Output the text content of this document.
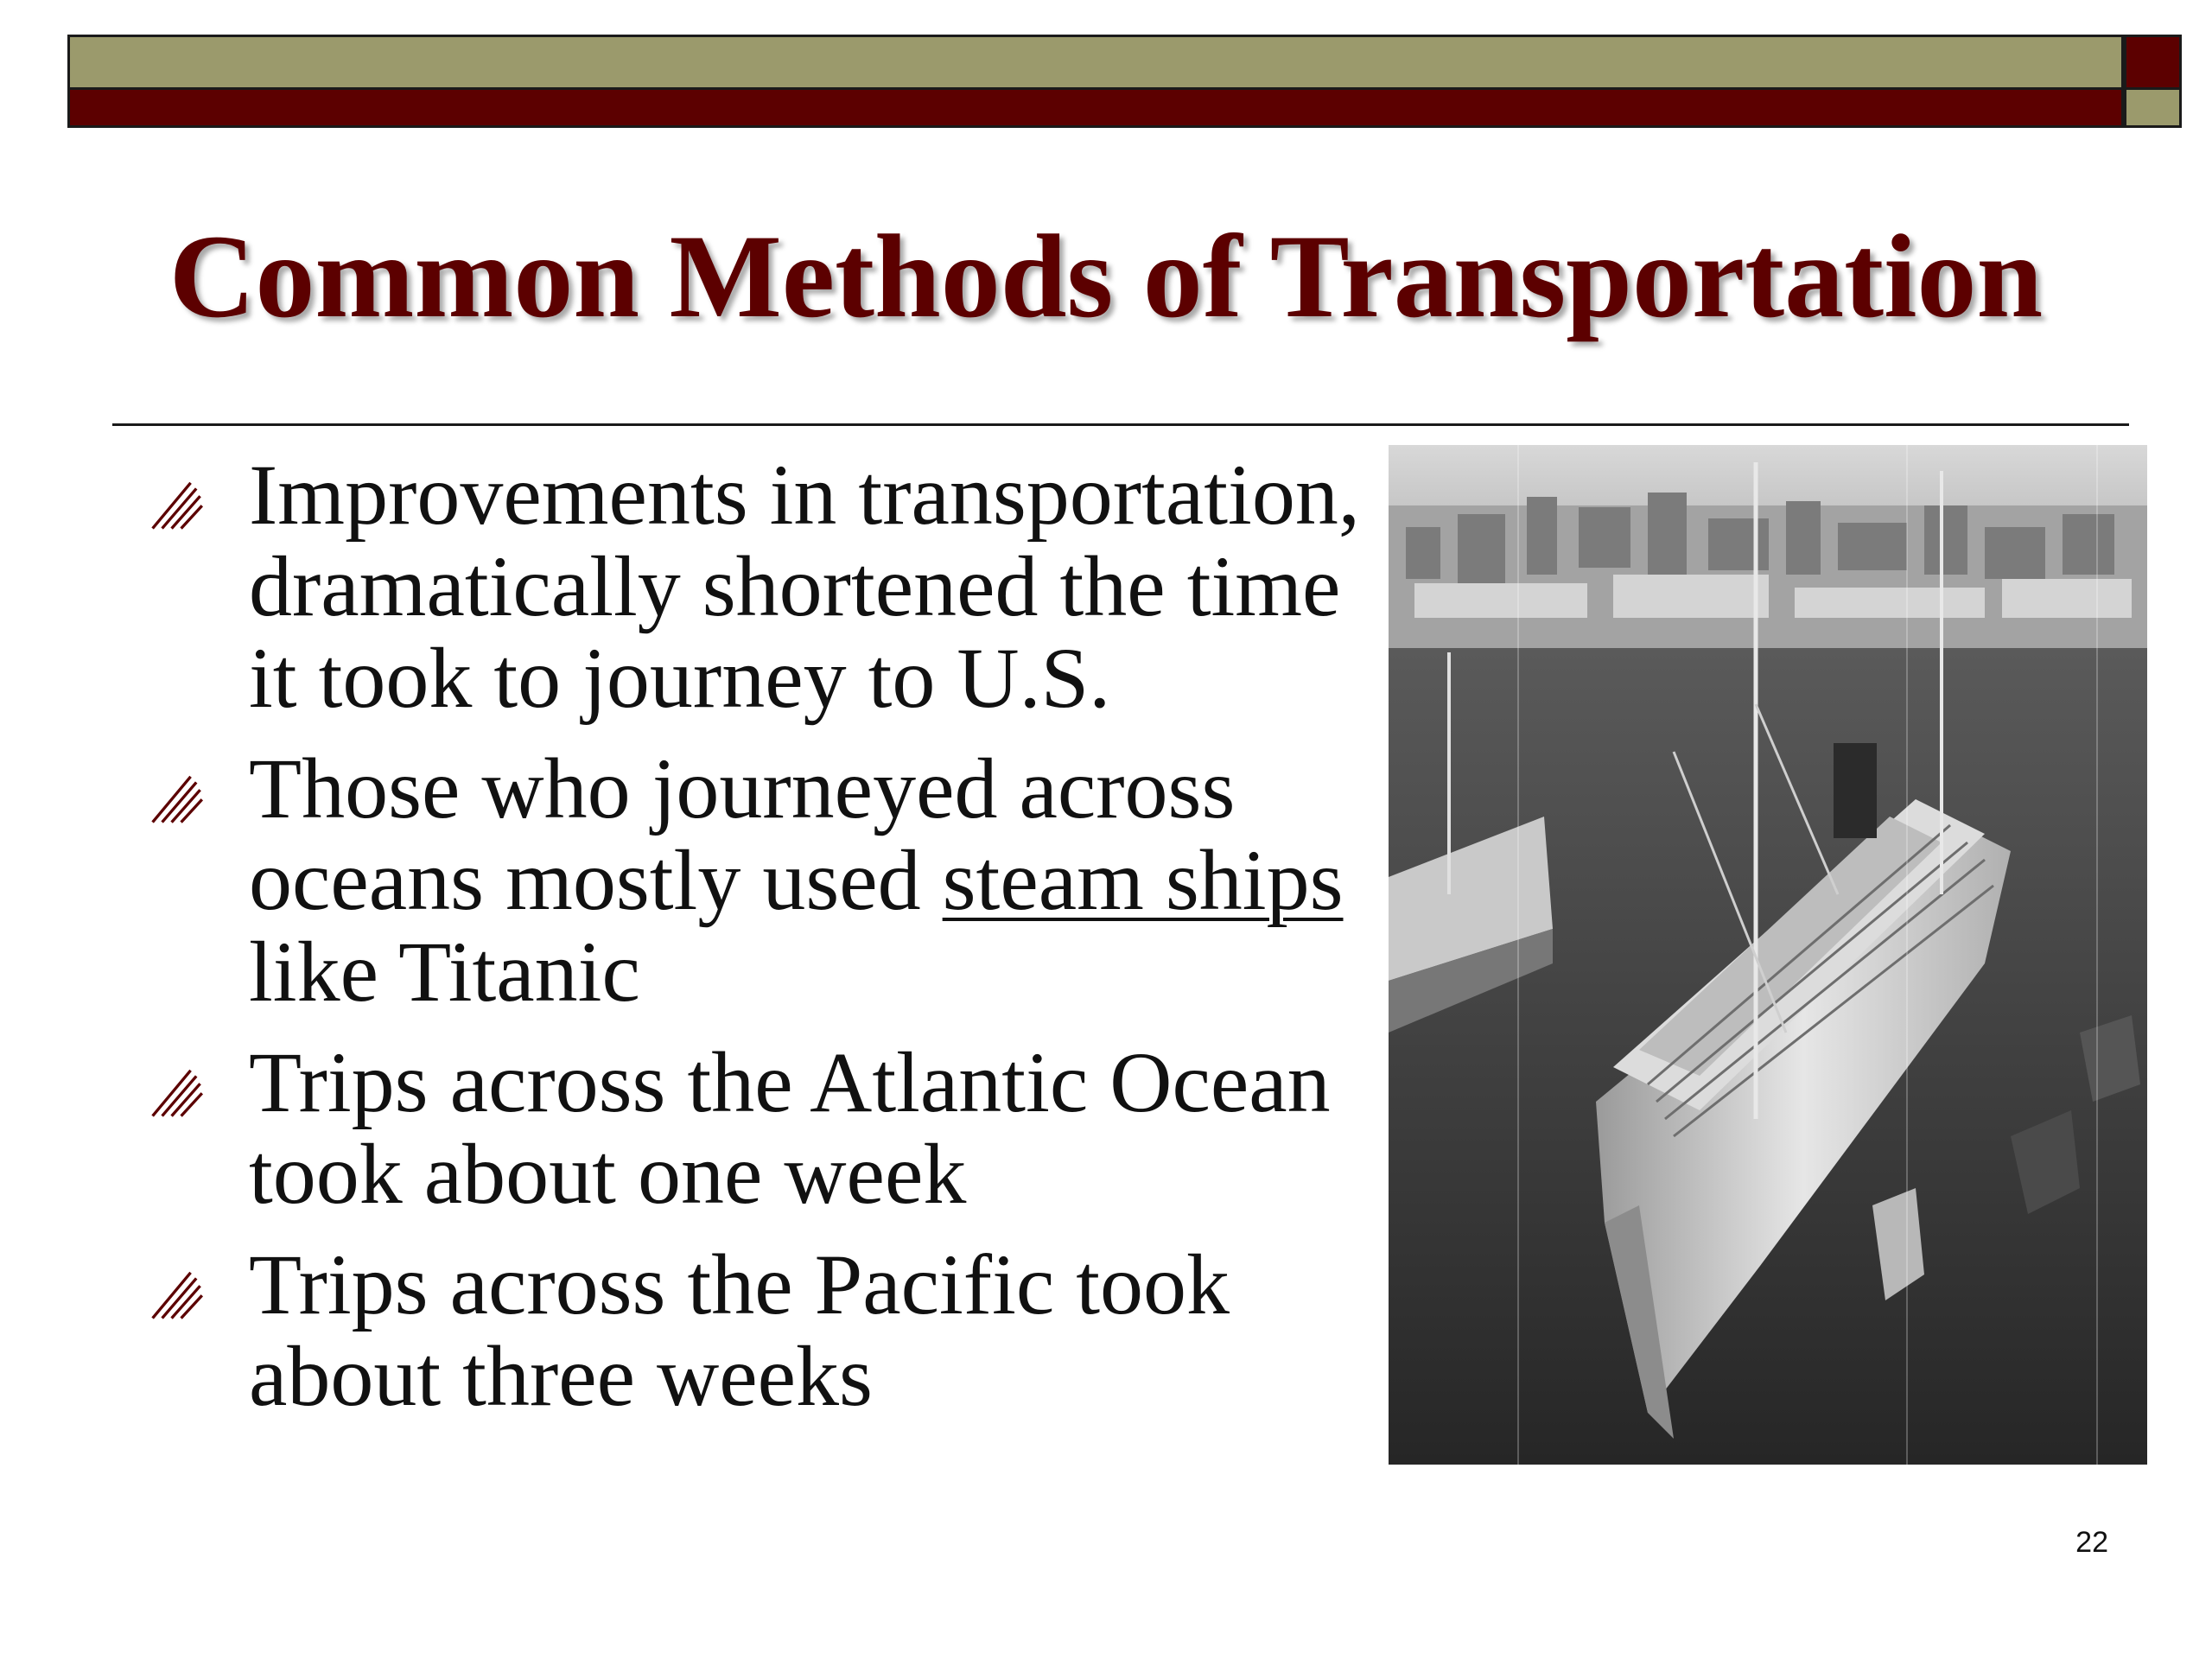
Common Methods of Transportation
Improvements in transportation, dramatically shortened the time it took to journey to U.S.
Those who journeyed across oceans mostly used steam ships like Titanic
Trips across the Atlantic Ocean took about one week
Trips across the Pacific took about three weeks
22
